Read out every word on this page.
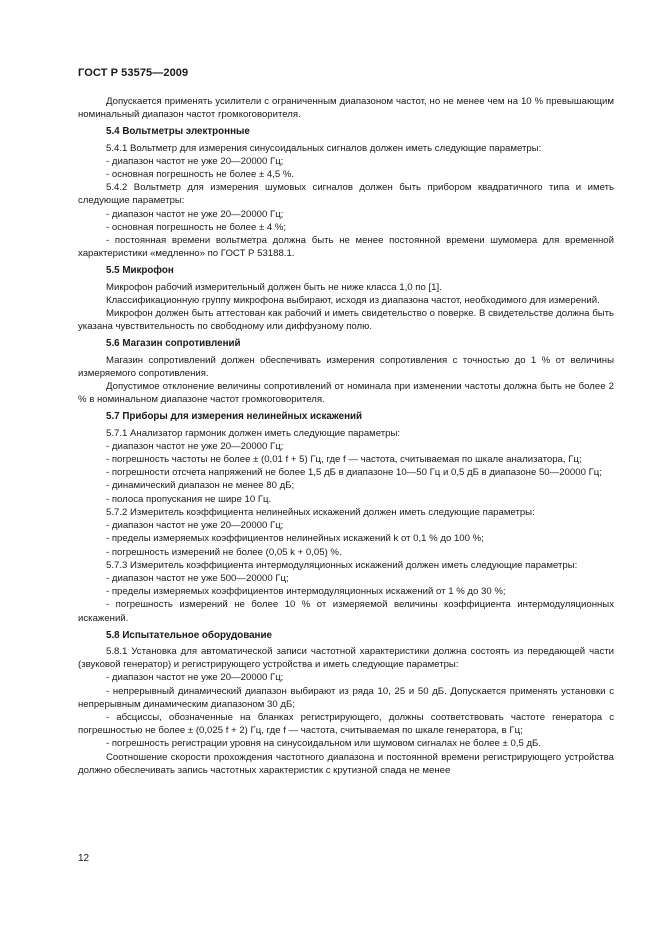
ГОСТ Р 53575—2009
Допускается применять усилители с ограниченным диапазоном частот, но не менее чем на 10 % превышающим номинальный диапазон частот громкоговорителя.
5.4 Вольтметры электронные
5.4.1 Вольтметр для измерения синусоидальных сигналов должен иметь следующие параметры:
- диапазон частот не уже 20—20000 Гц;
- основная погрешность не более ± 4,5 %.
5.4.2 Вольтметр для измерения шумовых сигналов должен быть прибором квадратичного типа и иметь следующие параметры:
- диапазон частот не уже 20—20000 Гц;
- основная погрешность не более ± 4 %;
- постоянная времени вольтметра должна быть не менее постоянной времени шумомера для временной характеристики «медленно» по ГОСТ Р 53188.1.
5.5 Микрофон
Микрофон рабочий измерительный должен быть не ниже класса 1,0 по [1].
Классификационную группу микрофона выбирают, исходя из диапазона частот, необходимого для измерений.
Микрофон должен быть аттестован как рабочий и иметь свидетельство о поверке. В свидетельстве должна быть указана чувствительность по свободному или диффузному полю.
5.6 Магазин сопротивлений
Магазин сопротивлений должен обеспечивать измерения сопротивления с точностью до 1 % от величины измеряемого сопротивления.
Допустимое отклонение величины сопротивлений от номинала при изменении частоты должна быть не более 2 % в номинальном диапазоне частот громкоговорителя.
5.7 Приборы для измерения нелинейных искажений
5.7.1 Анализатор гармоник должен иметь следующие параметры:
- диапазон частот не уже 20—20000 Гц;
- погрешность частоты не более ± (0,01 f + 5) Гц, где f — частота, считываемая по шкале анализатора, Гц;
- погрешности отсчета напряжений не более 1,5 дБ в диапазоне 10—50 Гц и 0,5 дБ в диапазоне 50—20000 Гц;
- динамический диапазон не менее 80 дБ;
- полоса пропускания не шире 10 Гц.
5.7.2 Измеритель коэффициента нелинейных искажений должен иметь следующие параметры:
- диапазон частот не уже 20—20000 Гц;
- пределы измеряемых коэффициентов нелинейных искажений k от 0,1 % до 100 %;
- погрешность измерений не более (0,05 k + 0,05) %.
5.7.3 Измеритель коэффициента интермодуляционных искажений должен иметь следующие параметры:
- диапазон частот не уже 500—20000 Гц;
- пределы измеряемых коэффициентов интермодуляционных искажений от 1 % до 30 %;
- погрешность измерений не более 10 % от измеряемой величины коэффициента интермодуляционных искажений.
5.8 Испытательное оборудование
5.8.1 Установка для автоматической записи частотной характеристики должна состоять из передающей части (звуковой генератор) и регистрирующего устройства и иметь следующие параметры:
- диапазон частот не уже 20—20000 Гц;
- непрерывный динамический диапазон выбирают из ряда 10, 25 и 50 дБ. Допускается применять установки с непрерывным динамическим диапазоном 30 дБ;
- абсциссы, обозначенные на бланках регистрирующего, должны соответствовать частоте генератора с погрешностью не более ± (0,025 f + 2) Гц, где f — частота, считываемая по шкале генератора, в Гц;
- погрешность регистрации уровня на синусоидальном или шумовом сигналах не более ± 0,5 дБ.
Соотношение скорости прохождения частотного диапазона и постоянной времени регистрирующего устройства должно обеспечивать запись частотных характеристик с крутизной спада не менее
12
